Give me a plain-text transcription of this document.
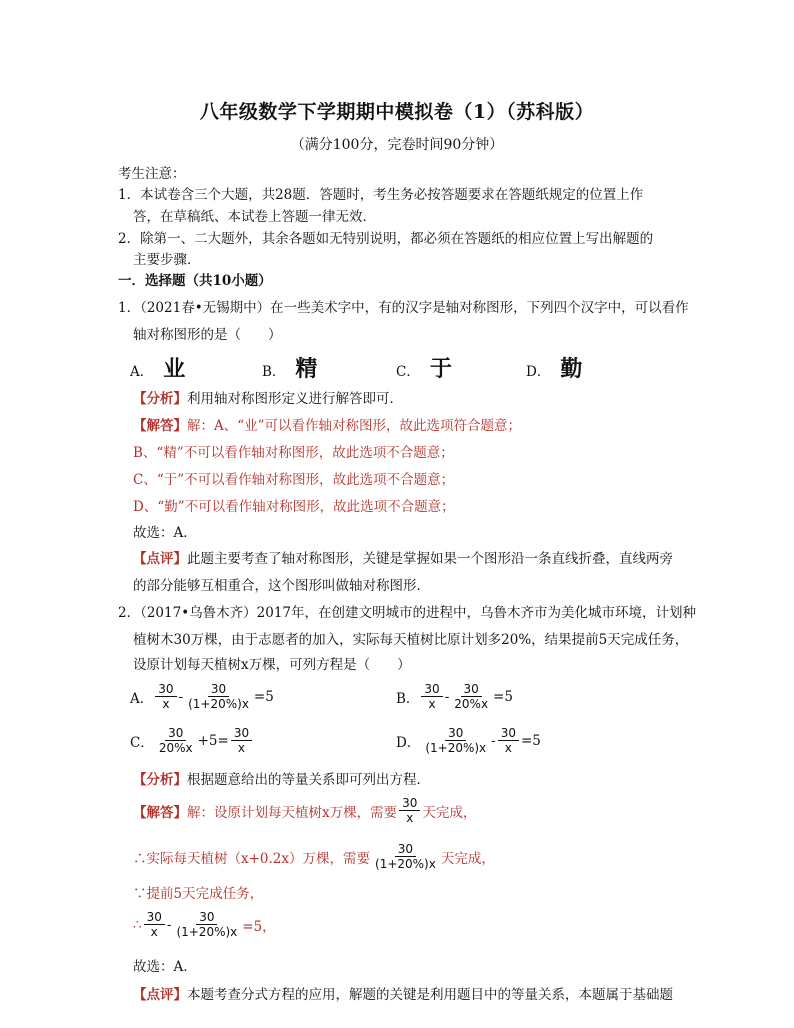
八年级数学下学期期中模拟卷（1）（苏科版）
（满分100分，完卷时间90分钟）
考生注意：
1．本试卷含三个大题，共28题．答题时，考生务必按答题要求在答题纸规定的位置上作
答，在草稿纸、本试卷上答题一律无效．
2．除第一、二大题外，其余各题如无特别说明，都必须在答题纸的相应位置上写出解题的
主要步骤．
一．选择题（共10小题）
1．（2021春•无锡期中）在一些美术字中，有的汉字是轴对称图形，下列四个汉字中，可以看作
轴对称图形的是（　　）
A． 业	B． 精	C． 于	D． 勤
【分析】利用轴对称图形定义进行解答即可．
【解答】解：A、“业”可以看作轴对称图形，故此选项符合题意；
B、“精”不可以看作轴对称图形，故此选项不合题意；
C、“于”不可以看作轴对称图形，故此选项不合题意；
D、“勤”不可以看作轴对称图形，故此选项不合题意；
故选：A．
【点评】此题主要考查了轴对称图形，关键是掌握如果一个图形沿一条直线折叠，直线两旁
的部分能够互相重合，这个图形叫做轴对称图形．
2．（2017•乌鲁木齐）2017年，在创建文明城市的进程中，乌鲁木齐市为美化城市环境，计划种
植树木30万棵，由于志愿者的加入，实际每天植树比原计划多20%，结果提前5天完成任务，
设原计划每天植树x万棵，可列方程是（　　）
A． $\frac{30}{x} - \frac{30}{(1+20\%)x} =5$	B． $\frac{30}{x} - \frac{30}{20\%x} =5$
C． $\frac{30}{20\%x} +5= \frac{30}{x}$	D． $\frac{30}{(1+20\%)x} - \frac{30}{x} =5$
【分析】根据题意给出的等量关系即可列出方程．
【解答】 解：设原计划每天植树x万棵，需要 $\frac{30}{x}$ 天完成，
∴实际每天植树（x+0.2x）万棵，需要 $\frac{30}{(1+20\%)x}$ 天完成，
∵提前5天完成任务，
∴ $\frac{30}{x} - \frac{30}{(1+20\%)x} =5$，
故选：A．
【点评】本题考查分式方程的应用，解题的关键是利用题目中的等量关系，本题属于基础题
